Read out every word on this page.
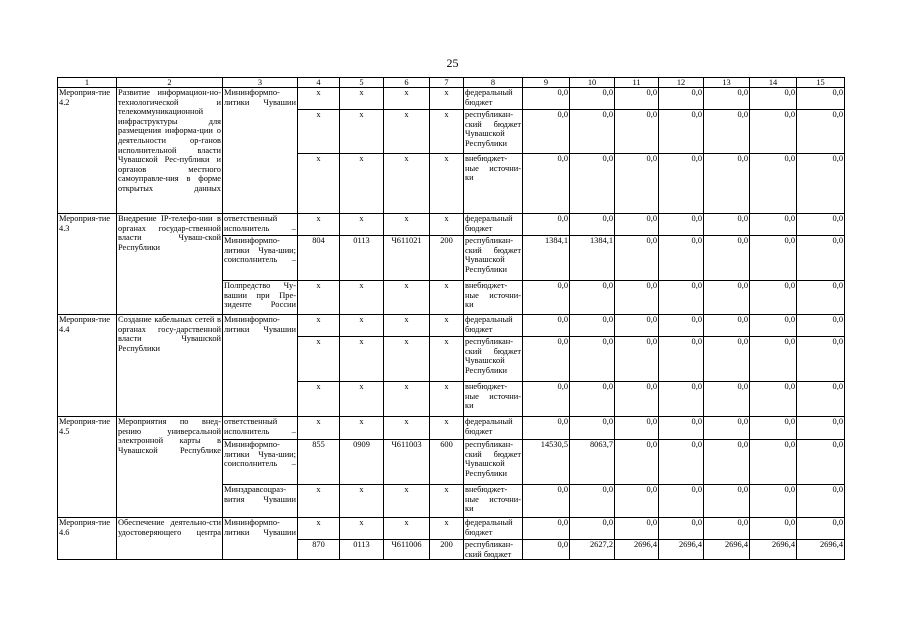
25
1	2	3	4	5	6	7	8	9	10	11	12	13	14	15
Мероприя-тие 4.2	Развитие информацион-но-технологической и телекоммуникационной инфраструктуры для размещения информа-ции о деятельности ор-ганов исполнительной власти Чувашской Рес-публики и органов местного самоуправле-ния в форме открытых данных	Мининформпо-литики Чувашии	х	х	х	х	федеральный бюджет	0,0	0,0	0,0	0,0	0,0	0,0	0,0
			х	х	х	х	республикан-ский бюджет Чувашской Республики	0,0	0,0	0,0	0,0	0,0	0,0	0,0
			х	х	х	х	внебюджет-ные источни-ки	0,0	0,0	0,0	0,0	0,0	0,0	0,0
Мероприя-тие 4.3	Внедрение IP-телефо-нии в органах государ-ственной власти Чуваш-ской Республики	ответственный исполнитель –	х	х	х	х	федеральный бюджет	0,0	0,0	0,0	0,0	0,0	0,0	0,0
		Мининформпо-литики Чува-шии; соисполнитель –	804	0113	Ч611021	200	республикан-ский бюджет Чувашской Республики	1384,1	1384,1	0,0	0,0	0,0	0,0	0,0
		Полпредство Чу-вашии при Пре-зиденте России	х	х	х	х	внебюджет-ные источни-ки	0,0	0,0	0,0	0,0	0,0	0,0	0,0
Мероприя-тие 4.4	Создание кабельных сетей в органах госу-дарственной власти Чувашской Республики	Мининформпо-литики Чувашии	х	х	х	х	федеральный бюджет	0,0	0,0	0,0	0,0	0,0	0,0	0,0
			х	х	х	х	республикан-ский бюджет Чувашской Республики	0,0	0,0	0,0	0,0	0,0	0,0	0,0
			х	х	х	х	внебюджет-ные источни-ки	0,0	0,0	0,0	0,0	0,0	0,0	0,0
Мероприя-тие 4.5	Мероприятия по внед-рению универсальной электронной карты в Чувашской Республике	ответственный исполнитель –	х	х	х	х	федеральный бюджет	0,0	0,0	0,0	0,0	0,0	0,0	0,0
		Мининформпо-литики Чува-шии; соисполнитель –	855	0909	Ч611003	600	республикан-ский бюджет Чувашской Республики	14530,5	8063,7	0,0	0,0	0,0	0,0	0,0
		Минздравсоцраз-вития Чувашии	х	х	х	х	внебюджет-ные источни-ки	0,0	0,0	0,0	0,0	0,0	0,0	0,0
Мероприя-тие 4.6	Обеспечение деятельно-сти удостоверяющего центра	Мининформпо-литики Чувашии	х	х	х	х	федеральный бюджет	0,0	0,0	0,0	0,0	0,0	0,0	0,0
			870	0113	Ч611006	200	республикан-ский бюджет	0,0	2627,2	2696,4	2696,4	2696,4	2696,4	2696,4
